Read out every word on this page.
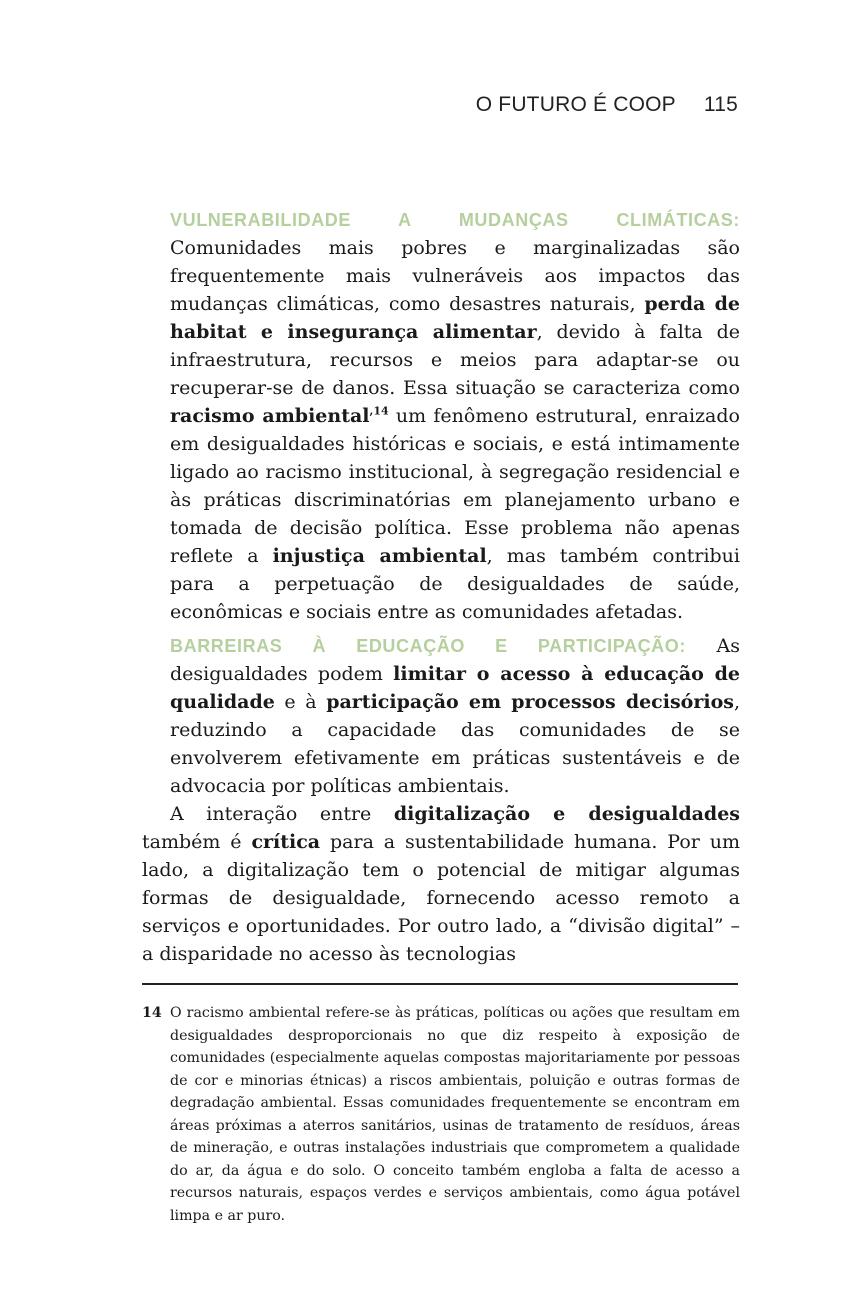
O FUTURO É COOP 115
VULNERABILIDADE A MUDANÇAS CLIMÁTICAS: Comunidades mais pobres e marginalizadas são frequentemente mais vulneráveis aos impactos das mudanças climáticas, como desastres naturais, perda de habitat e insegurança alimentar, devido à falta de infraestrutura, recursos e meios para adaptar-se ou recuperar-se de danos. Essa situação se caracteriza como racismo ambiental$^{,14}$ um fenômeno estrutural, enraizado em desigualdades históricas e sociais, e está intimamente ligado ao racismo institucional, à segregação residencial e às práticas discriminatórias em planejamento urbano e tomada de decisão política. Esse problema não apenas reflete a injustiça ambiental, mas também contribui para a perpetuação de desigualdades de saúde, econômicas e sociais entre as comunidades afetadas.
BARREIRAS À EDUCAÇÃO E PARTICIPAÇÃO: As desigualdades podem limitar o acesso à educação de qualidade e à participação em processos decisórios, reduzindo a capacidade das comunidades de se envolverem efetivamente em práticas sustentáveis e de advocacia por políticas ambientais.
A interação entre digitalização e desigualdades também é crítica para a sustentabilidade humana. Por um lado, a digitalização tem o potencial de mitigar algumas formas de desigualdade, fornecendo acesso remoto a serviços e oportunidades. Por outro lado, a “divisão digital” – a disparidade no acesso às tecnologias
14 O racismo ambiental refere-se às práticas, políticas ou ações que resultam em desigualdades desproporcionais no que diz respeito à exposição de comunidades (especialmente aquelas compostas majoritariamente por pessoas de cor e minorias étnicas) a riscos ambientais, poluição e outras formas de degradação ambiental. Essas comunidades frequentemente se encontram em áreas próximas a aterros sanitários, usinas de tratamento de resíduos, áreas de mineração, e outras instalações industriais que comprometem a qualidade do ar, da água e do solo. O conceito também engloba a falta de acesso a recursos naturais, espaços verdes e serviços ambientais, como água potável limpa e ar puro.
